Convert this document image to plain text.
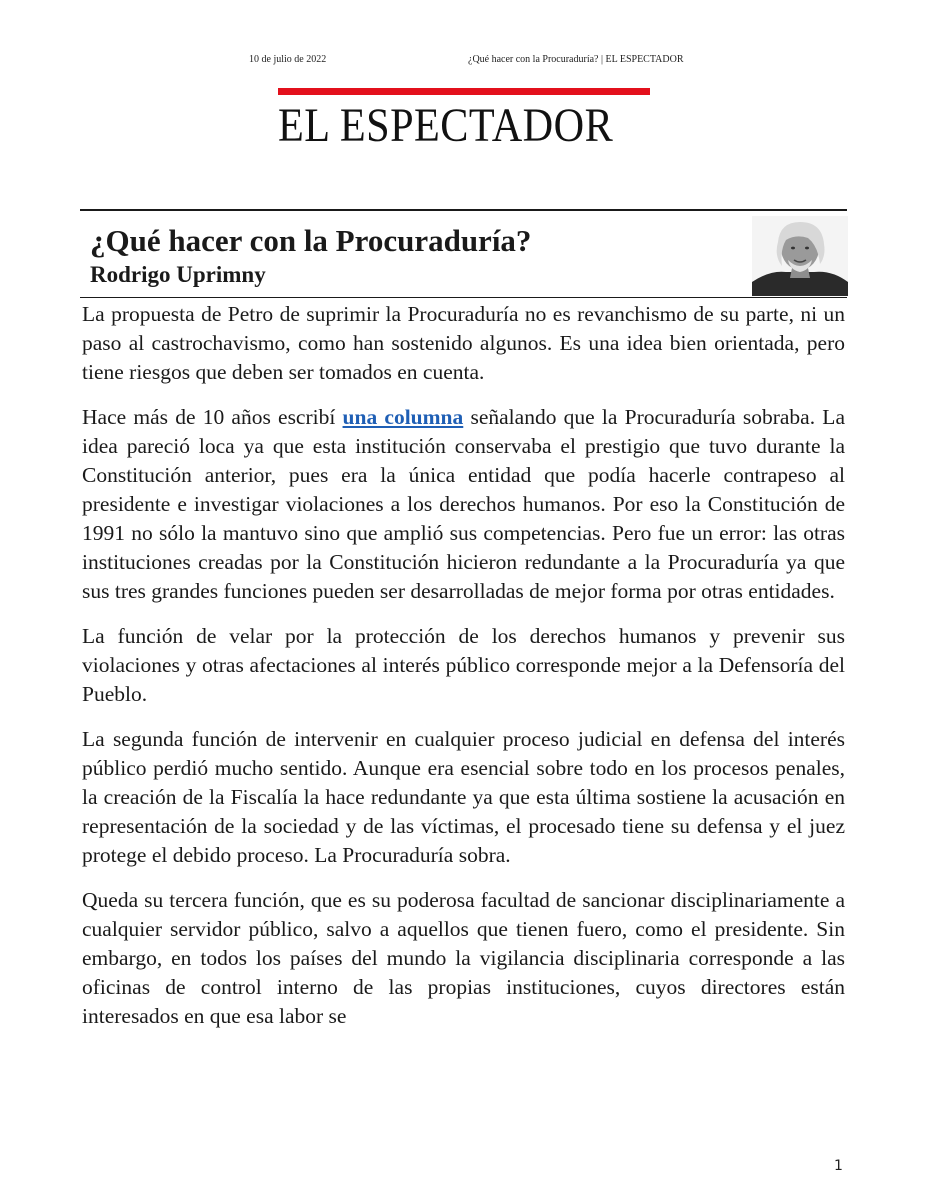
10 de julio de 2022	¿Qué hacer con la Procuraduría? | EL ESPECTADOR
EL ESPECTADOR
¿Qué hacer con la Procuraduría?
Rodrigo Uprimny

La propuesta de Petro de suprimir la Procuraduría no es revanchismo de su parte, ni un paso al castrochavismo, como han sostenido algunos. Es una idea bien orientada, pero tiene riesgos que deben ser tomados en cuenta.

Hace más de 10 años escribí una columna señalando que la Procuraduría sobraba. La idea pareció loca ya que esta institución conservaba el prestigio que tuvo durante la Constitución anterior, pues era la única entidad que podía hacerle contrapeso al presidente e investigar violaciones a los derechos humanos. Por eso la Constitución de 1991 no sólo la mantuvo sino que amplió sus competencias. Pero fue un error: las otras instituciones creadas por la Constitución hicieron redundante a la Procuraduría ya que sus tres grandes funciones pueden ser desarrolladas de mejor forma por otras entidades.

La función de velar por la protección de los derechos humanos y prevenir sus violaciones y otras afectaciones al interés público corresponde mejor a la Defensoría del Pueblo.

La segunda función de intervenir en cualquier proceso judicial en defensa del interés público perdió mucho sentido. Aunque era esencial sobre todo en los procesos penales, la creación de la Fiscalía la hace redundante ya que esta última sostiene la acusación en representación de la sociedad y de las víctimas, el procesado tiene su defensa y el juez protege el debido proceso. La Procuraduría sobra.

Queda su tercera función, que es su poderosa facultad de sancionar disciplinariamente a cualquier servidor público, salvo a aquellos que tienen fuero, como el presidente. Sin embargo, en todos los países del mundo la vigilancia disciplinaria corresponde a las oficinas de control interno de las propias instituciones, cuyos directores están interesados en que esa labor se

1
